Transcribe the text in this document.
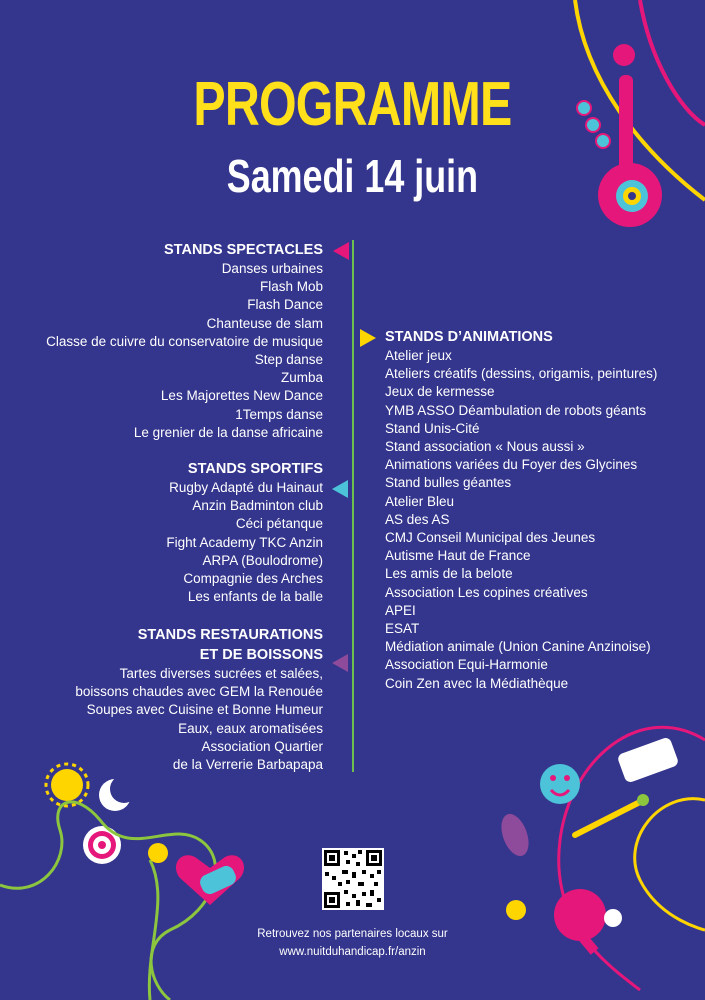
PROGRAMME
Samedi 14 juin
STANDS SPECTACLES
Danses urbaines
Flash Mob
Flash Dance
Chanteuse de slam
Classe de cuivre du conservatoire de musique
Step danse
Zumba
Les Majorettes New Dance
1Temps danse
Le grenier de la danse africaine
STANDS SPORTIFS
Rugby Adapté du Hainaut
Anzin Badminton club
Céci pétanque
Fight Academy TKC Anzin
ARPA (Boulodrome)
Compagnie des Arches
Les enfants de la balle
STANDS RESTAURATIONS
ET DE BOISSONS
Tartes diverses sucrées et salées,
boissons chaudes avec GEM la Renouée
Soupes avec Cuisine et Bonne Humeur
Eaux, eaux aromatisées
Association Quartier
de la Verrerie Barbapapa
STANDS D’ANIMATIONS
Atelier jeux
Ateliers créatifs (dessins, origamis, peintures)
Jeux de kermesse
YMB ASSO Déambulation de robots géants
Stand Unis-Cité
Stand association « Nous aussi »
Animations variées du Foyer des Glycines
Stand bulles géantes
Atelier Bleu
AS des AS
CMJ Conseil Municipal des Jeunes
Autisme Haut de France
Les amis de la belote
Association Les copines créatives
APEI
ESAT
Médiation animale (Union Canine Anzinoise)
Association Equi-Harmonie
Coin Zen avec la Médiathèque
Retrouvez nos partenaires locaux sur
www.nuitduhandicap.fr/anzin
